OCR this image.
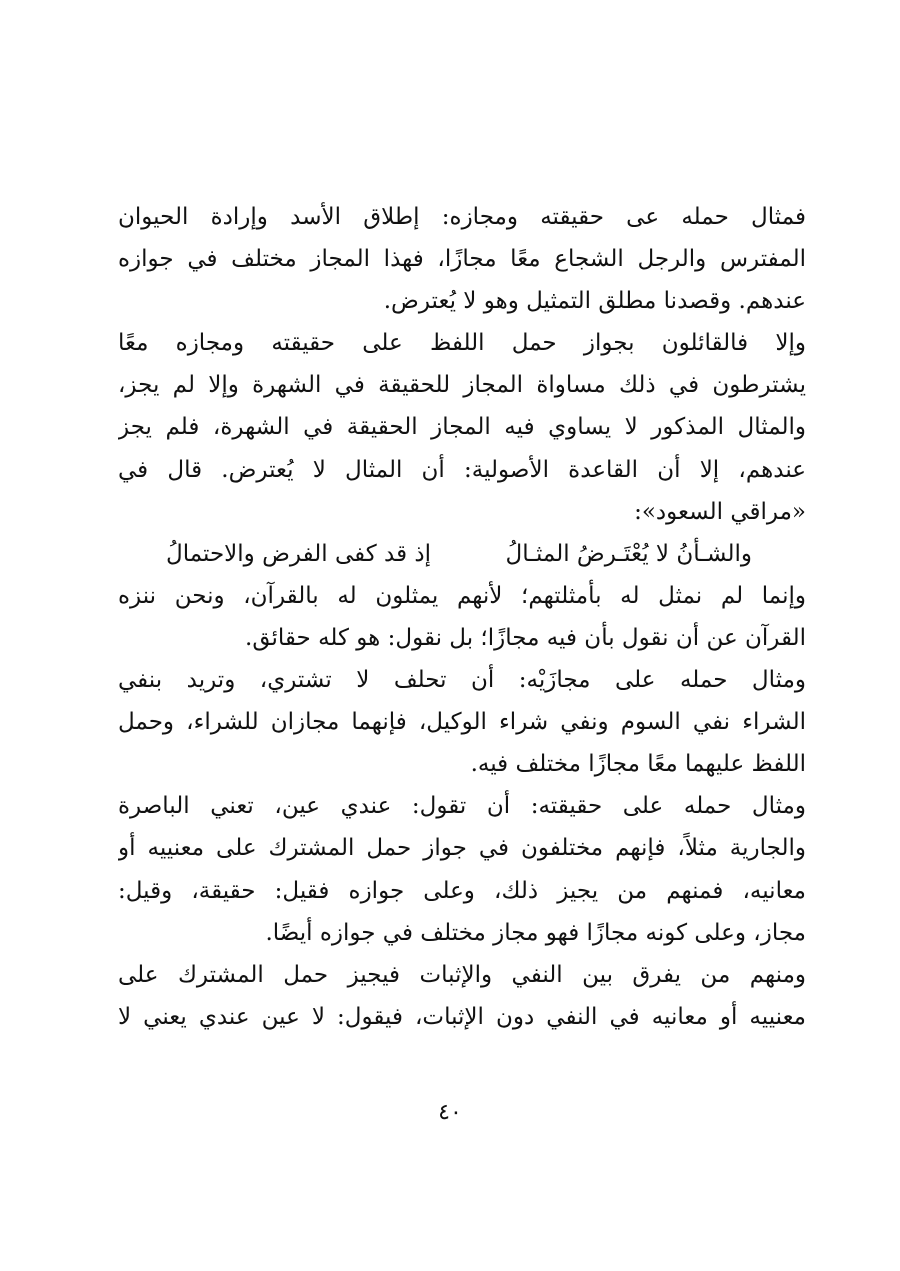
فمثال حمله عى حقيقته ومجازه: إطلاق الأسد وإرادة الحيوان
المفترس والرجل الشجاع معًا مجازًا، فهذا المجاز مختلف في جوازه
عندهم. وقصدنا مطلق التمثيل وهو لا يُعترض.
وإلا فالقائلون بجواز حمل اللفظ على حقيقته ومجازه معًا
يشترطون في ذلك مساواة المجاز للحقيقة في الشهرة وإلا لم يجز،
والمثال المذكور لا يساوي فيه المجاز الحقيقة في الشهرة، فلم يجز
عندهم، إلا أن القاعدة الأصولية: أن المثال لا يُعترض. قال في
«مراقي السعود»:
والشـأنُ لا يُعْتَـرضُ المثـالُ
إذ قد كفى الفرض والاحتمالُ
وإنما لم نمثل له بأمثلتهم؛ لأنهم يمثلون له بالقرآن، ونحن ننزه
القرآن عن أن نقول بأن فيه مجازًا؛ بل نقول: هو كله حقائق.
ومثال حمله على مجازَيْه: أن تحلف لا تشتري، وتريد بنفي
الشراء نفي السوم ونفي شراء الوكيل، فإنهما مجازان للشراء، وحمل
اللفظ عليهما معًا مجازًا مختلف فيه.
ومثال حمله على حقيقته: أن تقول: عندي عين، تعني الباصرة
والجارية مثلاً، فإنهم مختلفون في جواز حمل المشترك على معنييه أو
معانيه، فمنهم من يجيز ذلك، وعلى جوازه فقيل: حقيقة، وقيل:
مجاز، وعلى كونه مجازًا فهو مجاز مختلف في جوازه أيضًا.
ومنهم من يفرق بين النفي والإثبات فيجيز حمل المشترك على
معنييه أو معانيه في النفي دون الإثبات، فيقول: لا عين عندي يعني لا
٤٠
